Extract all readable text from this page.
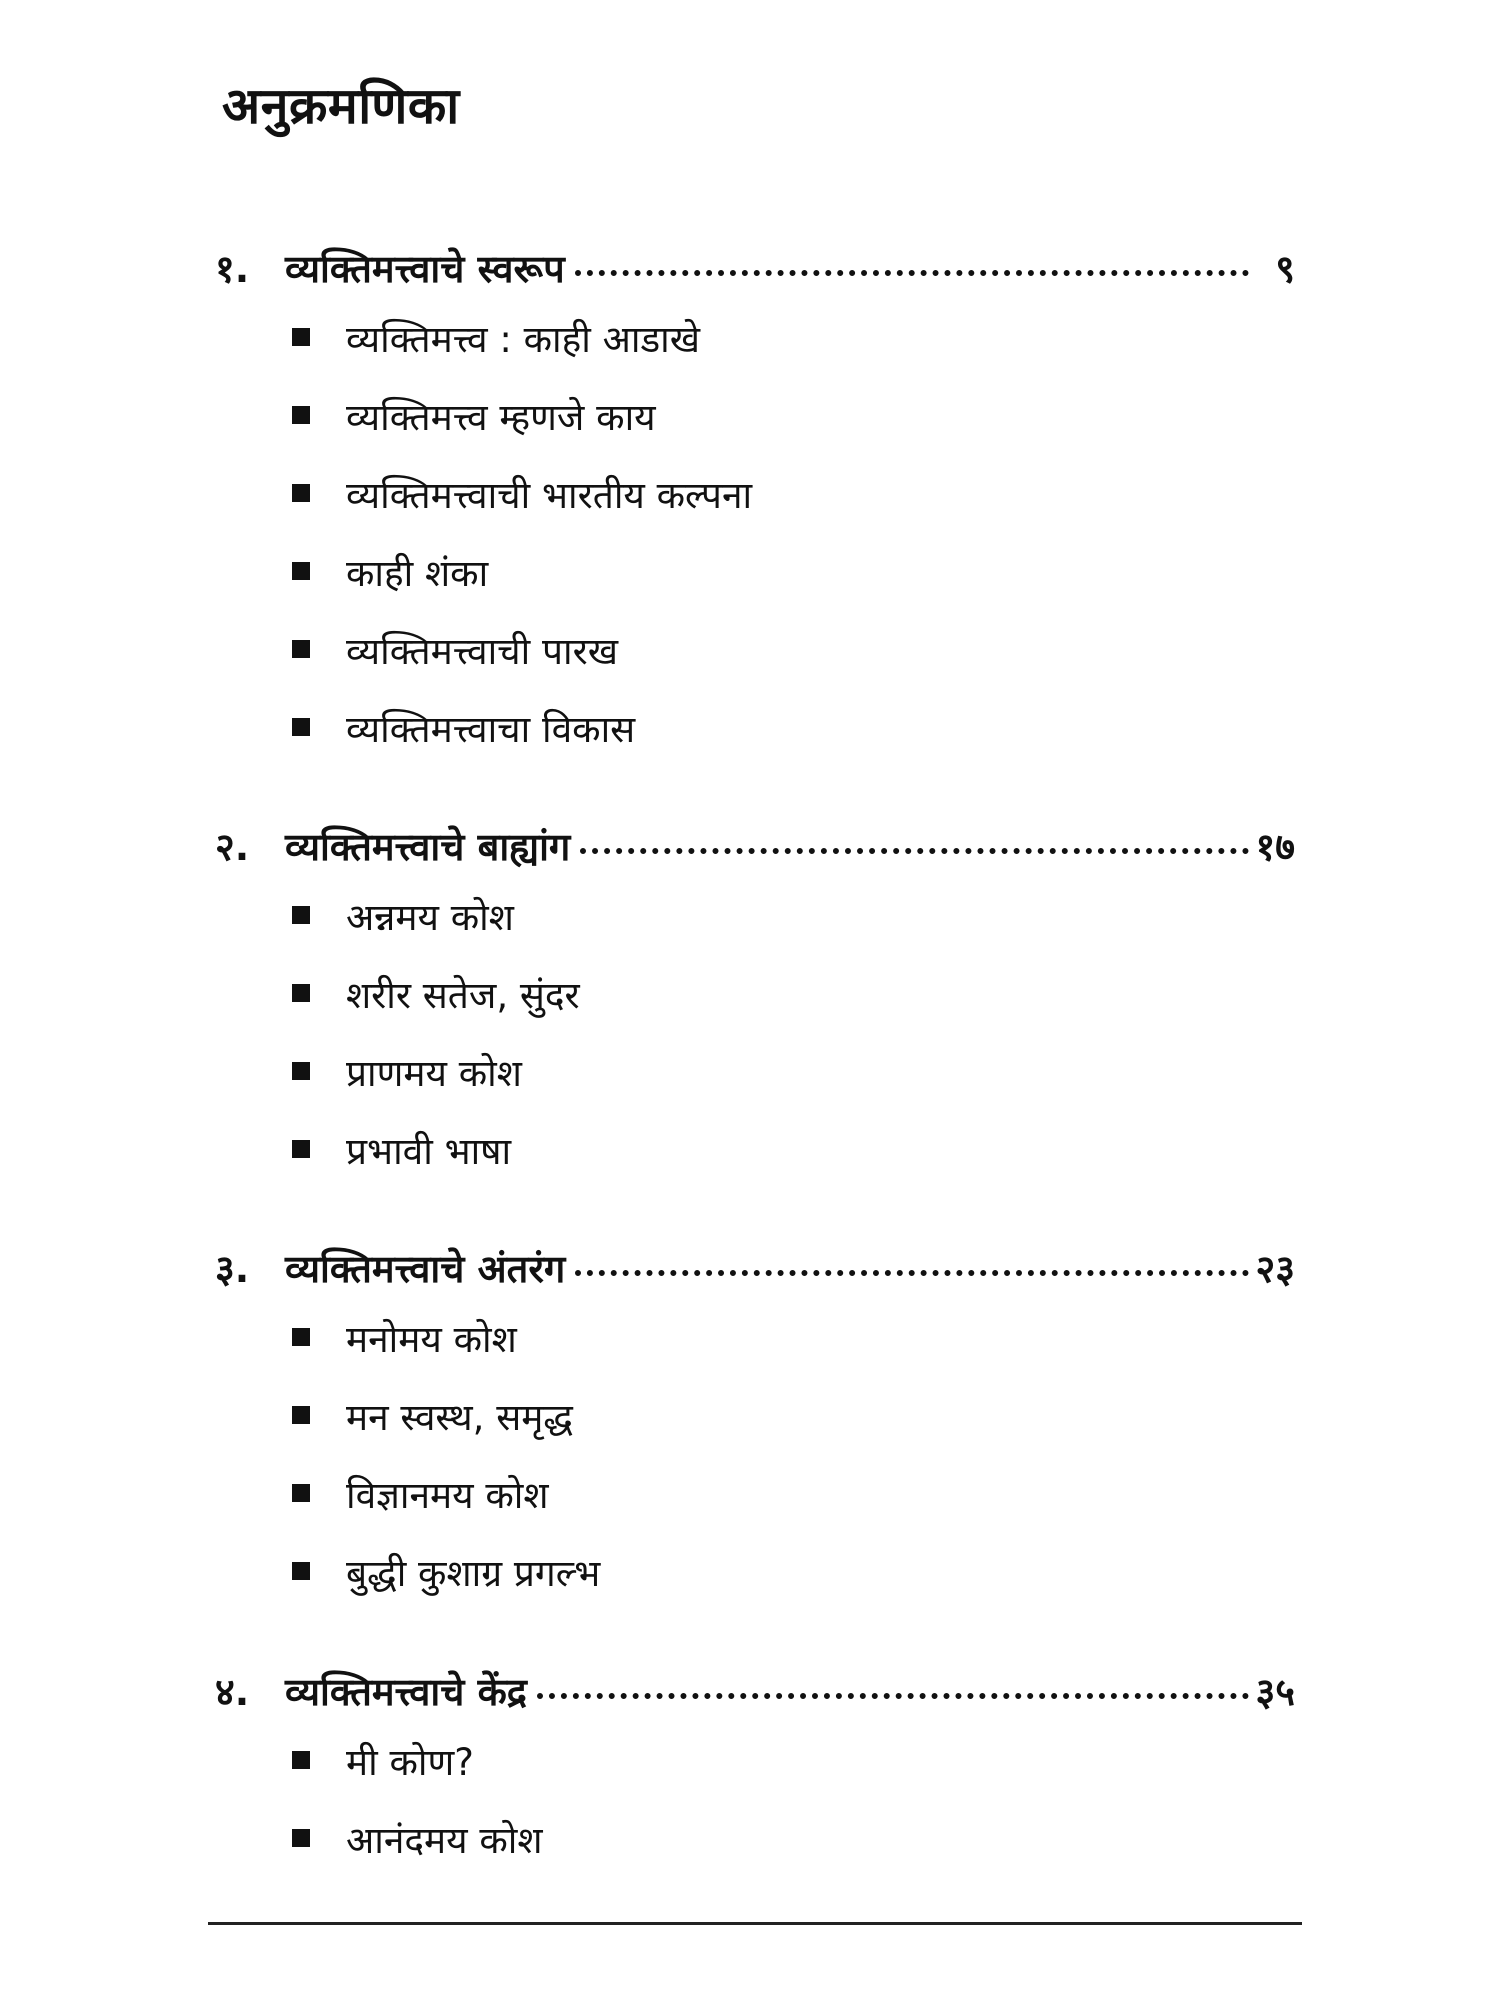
अनुक्रमणिका
१. व्यक्तिमत्त्वाचे स्वरूप	९
व्यक्तिमत्त्व : काही आडाखे
व्यक्तिमत्त्व म्हणजे काय
व्यक्तिमत्त्वाची भारतीय कल्पना
काही शंका
व्यक्तिमत्त्वाची पारख
व्यक्तिमत्त्वाचा विकास
२. व्यक्तिमत्त्वाचे बाह्यांग	१७
अन्नमय कोश
शरीर सतेज, सुंदर
प्राणमय कोश
प्रभावी भाषा
३. व्यक्तिमत्त्वाचे अंतरंग	२३
मनोमय कोश
मन स्वस्थ, समृद्ध
विज्ञानमय कोश
बुद्धी कुशाग्र प्रगल्भ
४. व्यक्तिमत्त्वाचे केंद्र	३५
मी कोण?
आनंदमय कोश
